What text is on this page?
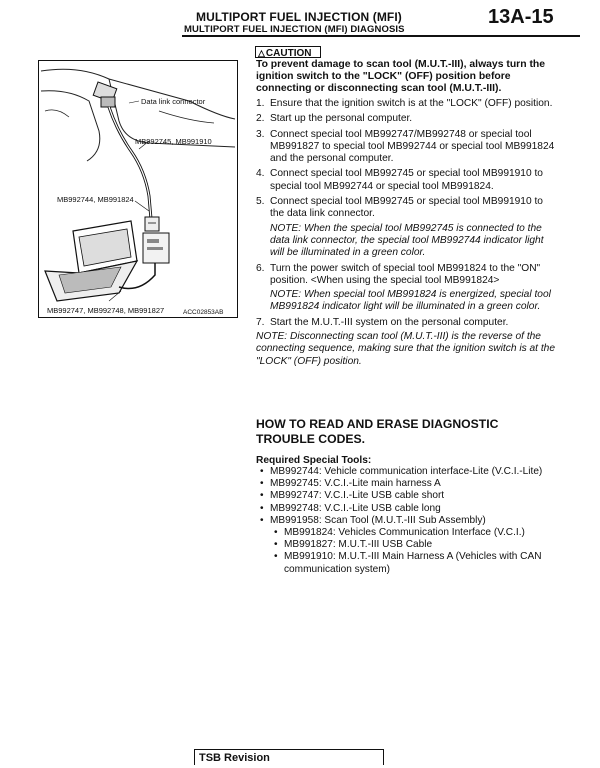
MULTIPORT FUEL INJECTION (MFI)
MULTIPORT FUEL INJECTION (MFI) DIAGNOSIS
13A-15
Data link connector
MB992745, MB991910
MB992744, MB991824
MB992747, MB992748, MB991827	ACC02853AB
△CAUTION
To prevent damage to scan tool (M.U.T.-III), always turn the ignition switch to the "LOCK" (OFF) position before connecting or disconnecting scan tool (M.U.T.-III).
1. Ensure that the ignition switch is at the "LOCK" (OFF) position.
2. Start up the personal computer.
3. Connect special tool MB992747/MB992748 or special tool MB991827 to special tool MB992744 or special tool MB991824 and the personal computer.
4. Connect special tool MB992745 or special tool MB991910 to special tool MB992744 or special tool MB991824.
5. Connect special tool MB992745 or special tool MB991910 to the data link connector.
NOTE: When the special tool MB992745 is connected to the data link connector, the special tool MB992744 indicator light will be illuminated in a green color.
6. Turn the power switch of special tool MB991824 to the "ON" position. <When using the special tool MB991824>
NOTE: When special tool MB991824 is energized, special tool MB991824 indicator light will be illuminated in a green color.
7. Start the M.U.T.-III system on the personal computer.
NOTE: Disconnecting scan tool (M.U.T.-III) is the reverse of the connecting sequence, making sure that the ignition switch is at the "LOCK" (OFF) position.
HOW TO READ AND ERASE DIAGNOSTIC TROUBLE CODES.
Required Special Tools:
• MB992744: Vehicle communication interface-Lite (V.C.I.-Lite)
• MB992745: V.C.I.-Lite main harness A
• MB992747: V.C.I.-Lite USB cable short
• MB992748: V.C.I.-Lite USB cable long
• MB991958: Scan Tool (M.U.T.-III Sub Assembly)
• MB991824: Vehicles Communication Interface (V.C.I.)
• MB991827: M.U.T.-III USB Cable
• MB991910: M.U.T.-III Main Harness A (Vehicles with CAN communication system)
TSB Revision
